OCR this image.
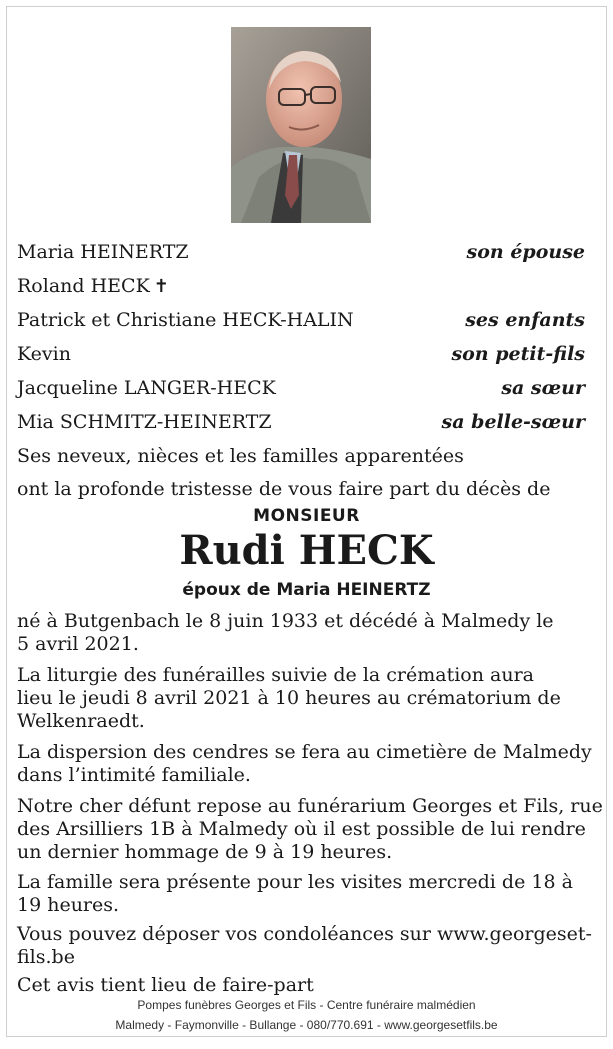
Maria HEINERTZ	son épouse
Roland HECK ✝
Patrick et Christiane HECK-HALIN	ses enfants
Kevin	son petit-fils
Jacqueline LANGER-HECK	sa sœur
Mia SCHMITZ-HEINERTZ	sa belle-sœur
Ses neveux, nièces et les familles apparentées
ont la profonde tristesse de vous faire part du décès de
MONSIEUR
Rudi HECK
époux de Maria HEINERTZ
né à Butgenbach le 8 juin 1933 et décédé à Malmedy le
5 avril 2021.
La liturgie des funérailles suivie de la crémation aura
lieu le jeudi 8 avril 2021 à 10 heures au crématorium de
Welkenraedt.
La dispersion des cendres se fera au cimetière de Malmedy
dans l’intimité familiale.
Notre cher défunt repose au funérarium Georges et Fils, rue
des Arsilliers 1B à Malmedy où il est possible de lui rendre
un dernier hommage de 9 à 19 heures.
La famille sera présente pour les visites mercredi de 18 à
19 heures.
Vous pouvez déposer vos condoléances sur www.georgeset-
fils.be
Cet avis tient lieu de faire-part
Pompes funèbres Georges et Fils - Centre funéraire malmédien
Malmedy - Faymonville - Bullange - 080/770.691 - www.georgesetfils.be
